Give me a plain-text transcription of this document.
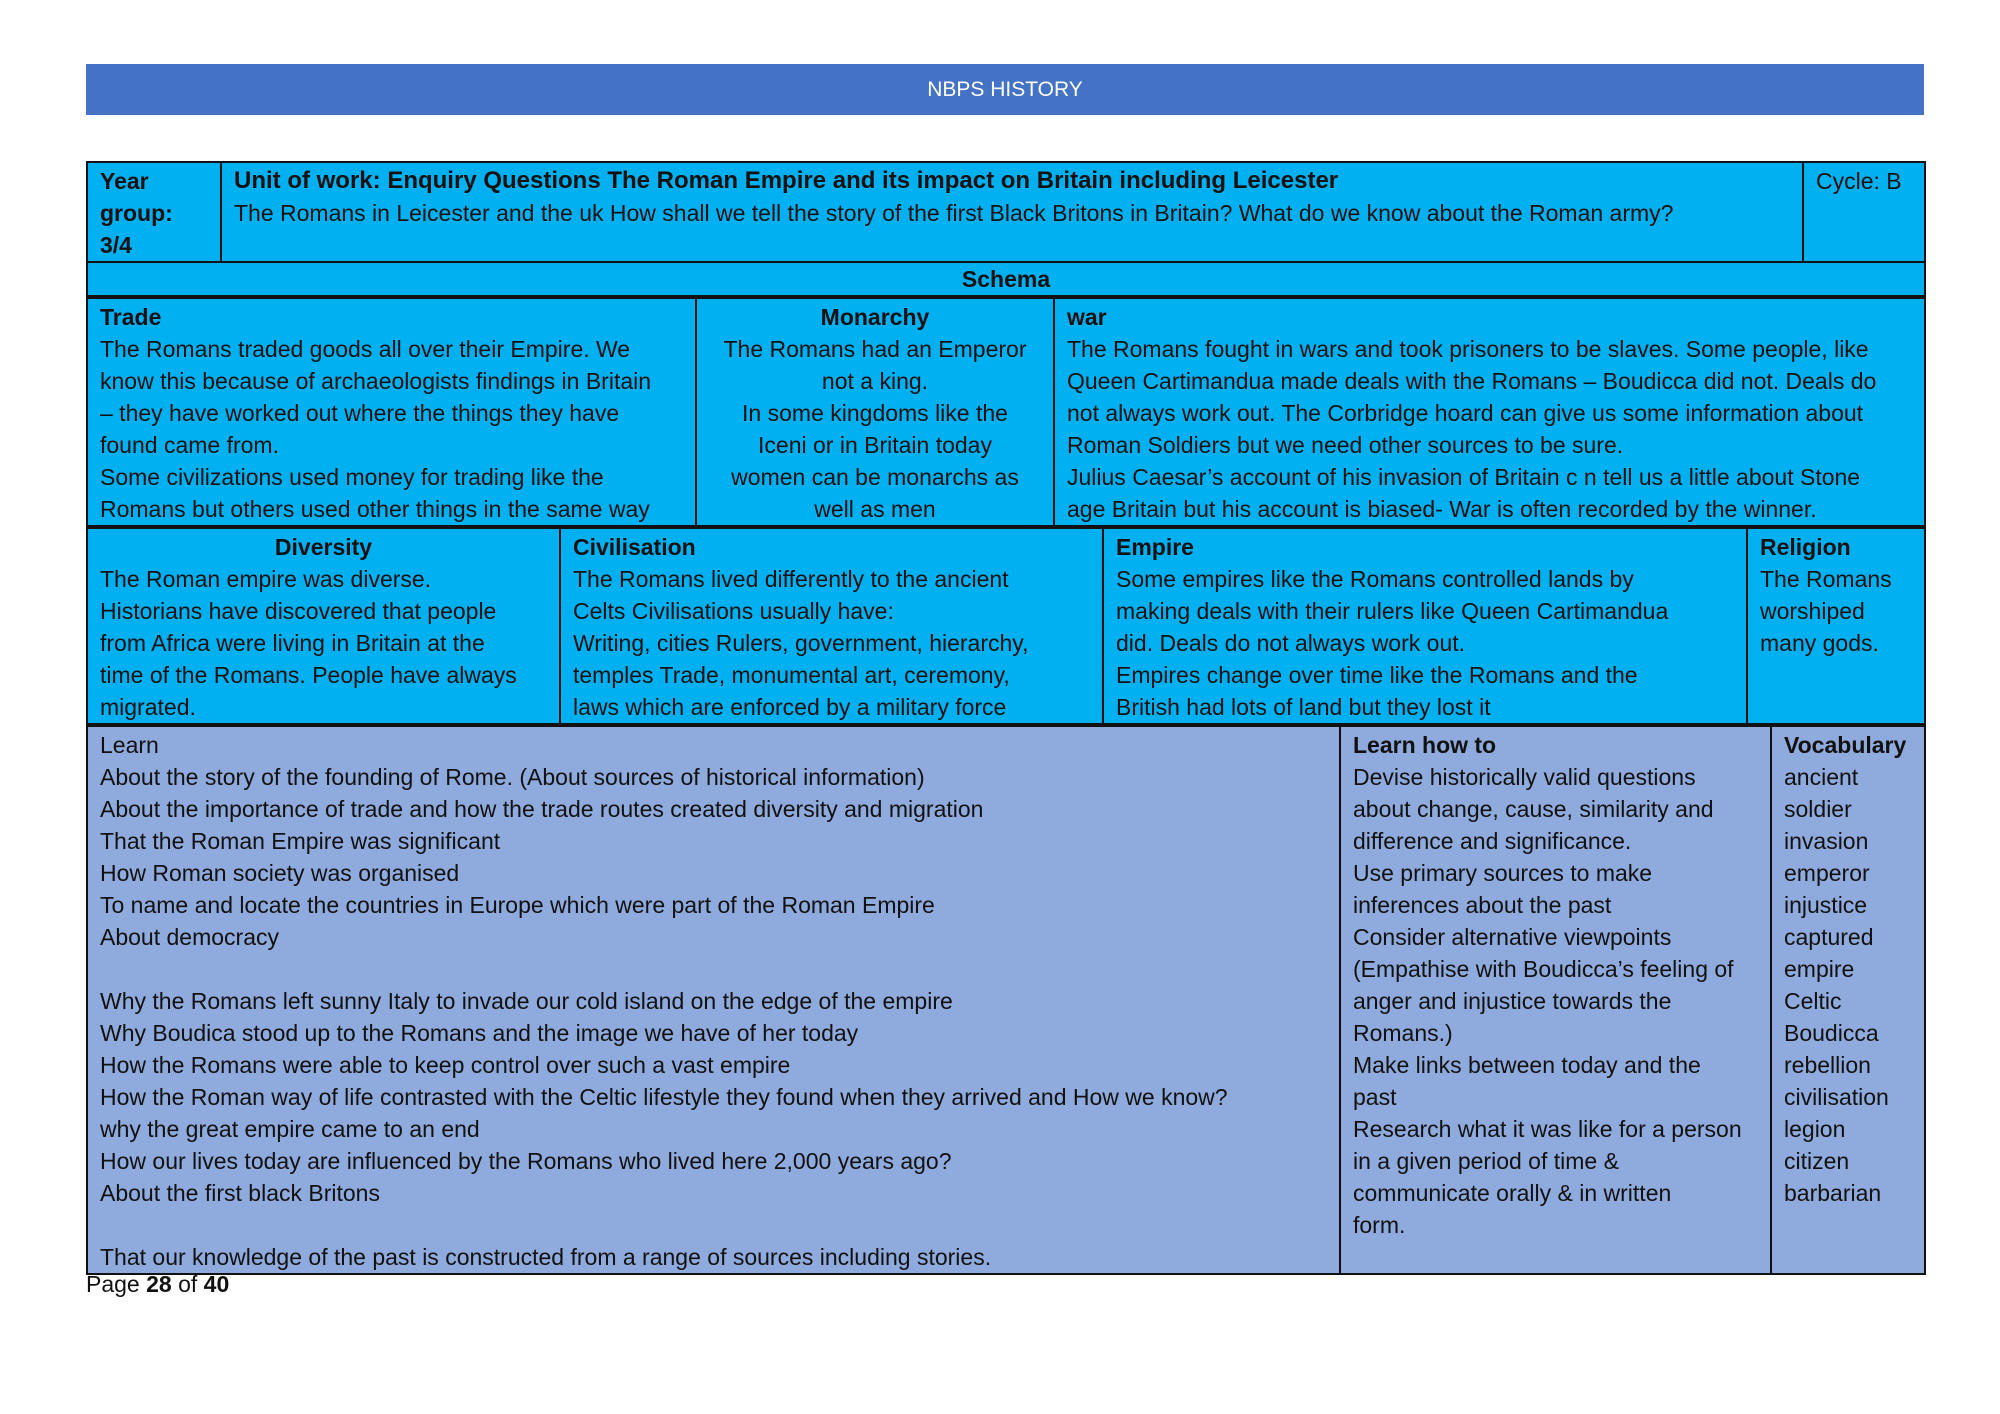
NBPS HISTORY
Year group: 3/4	
Unit of work: Enquiry Questions The Roman Empire and its impact on Britain including Leicester
The Romans in Leicester and the uk How shall we tell the story of the first Black Britons in Britain? What do we know about the Roman army?
	Cycle: B
Schema
Trade
The Romans traded goods all over their Empire. We
know this because of archaeologists findings in Britain
– they have worked out where the things they have
found came from.
Some civilizations used money for trading like the
Romans but others used other things in the same way

Monarchy
The Romans had an Emperor
not a king.
In some kingdoms like the
Iceni or in Britain today
women can be monarchs as
well as men

war
The Romans fought in wars and took prisoners to be slaves. Some people, like
Queen Cartimandua made deals with the Romans – Boudicca did not. Deals do
not always work out. The Corbridge hoard can give us some information about
Roman Soldiers but we need other sources to be sure.
Julius Caesar’s account of his invasion of Britain c n tell us a little about Stone
age Britain but his account is biased- War is often recorded by the winner.
Diversity
The Roman empire was diverse.
Historians have discovered that people
from Africa were living in Britain at the
time of the Romans. People have always
migrated.

Civilisation
The Romans lived differently to the ancient
Celts Civilisations usually have:
Writing, cities Rulers, government, hierarchy,
temples Trade, monumental art, ceremony,
laws which are enforced by a military force

Empire
Some empires like the Romans controlled lands by
making deals with their rulers like Queen Cartimandua
did. Deals do not always work out.
Empires change over time like the Romans and the
British had lots of land but they lost it

Religion
The Romans
worshiped
many gods.
Learn
About the story of the founding of Rome. (About sources of historical information)
About the importance of trade and how the trade routes created diversity and migration
That the Roman Empire was significant
How Roman society was organised
To name and locate the countries in Europe which were part of the Roman Empire
About democracy
Why the Romans left sunny Italy to invade our cold island on the edge of the empire
Why Boudica stood up to the Romans and the image we have of her today
How the Romans were able to keep control over such a vast empire
How the Roman way of life contrasted with the Celtic lifestyle they found when they arrived and How we know?
why the great empire came to an end
How our lives today are influenced by the Romans who lived here 2,000 years ago?
About the first black Britons
That our knowledge of the past is constructed from a range of sources including stories.

Learn how to
Devise historically valid questions
about change, cause, similarity and
difference and significance.
Use primary sources to make
inferences about the past
Consider alternative viewpoints
(Empathise with Boudicca’s feeling of
anger and injustice towards the
Romans.)
Make links between today and the
past
Research what it was like for a person
in a given period of time &
communicate orally & in written
form.

Vocabulary
ancient
soldier
invasion
emperor
injustice
captured
empire
Celtic
Boudicca
rebellion
civilisation
legion
citizen
barbarian
Page 28 of 40
